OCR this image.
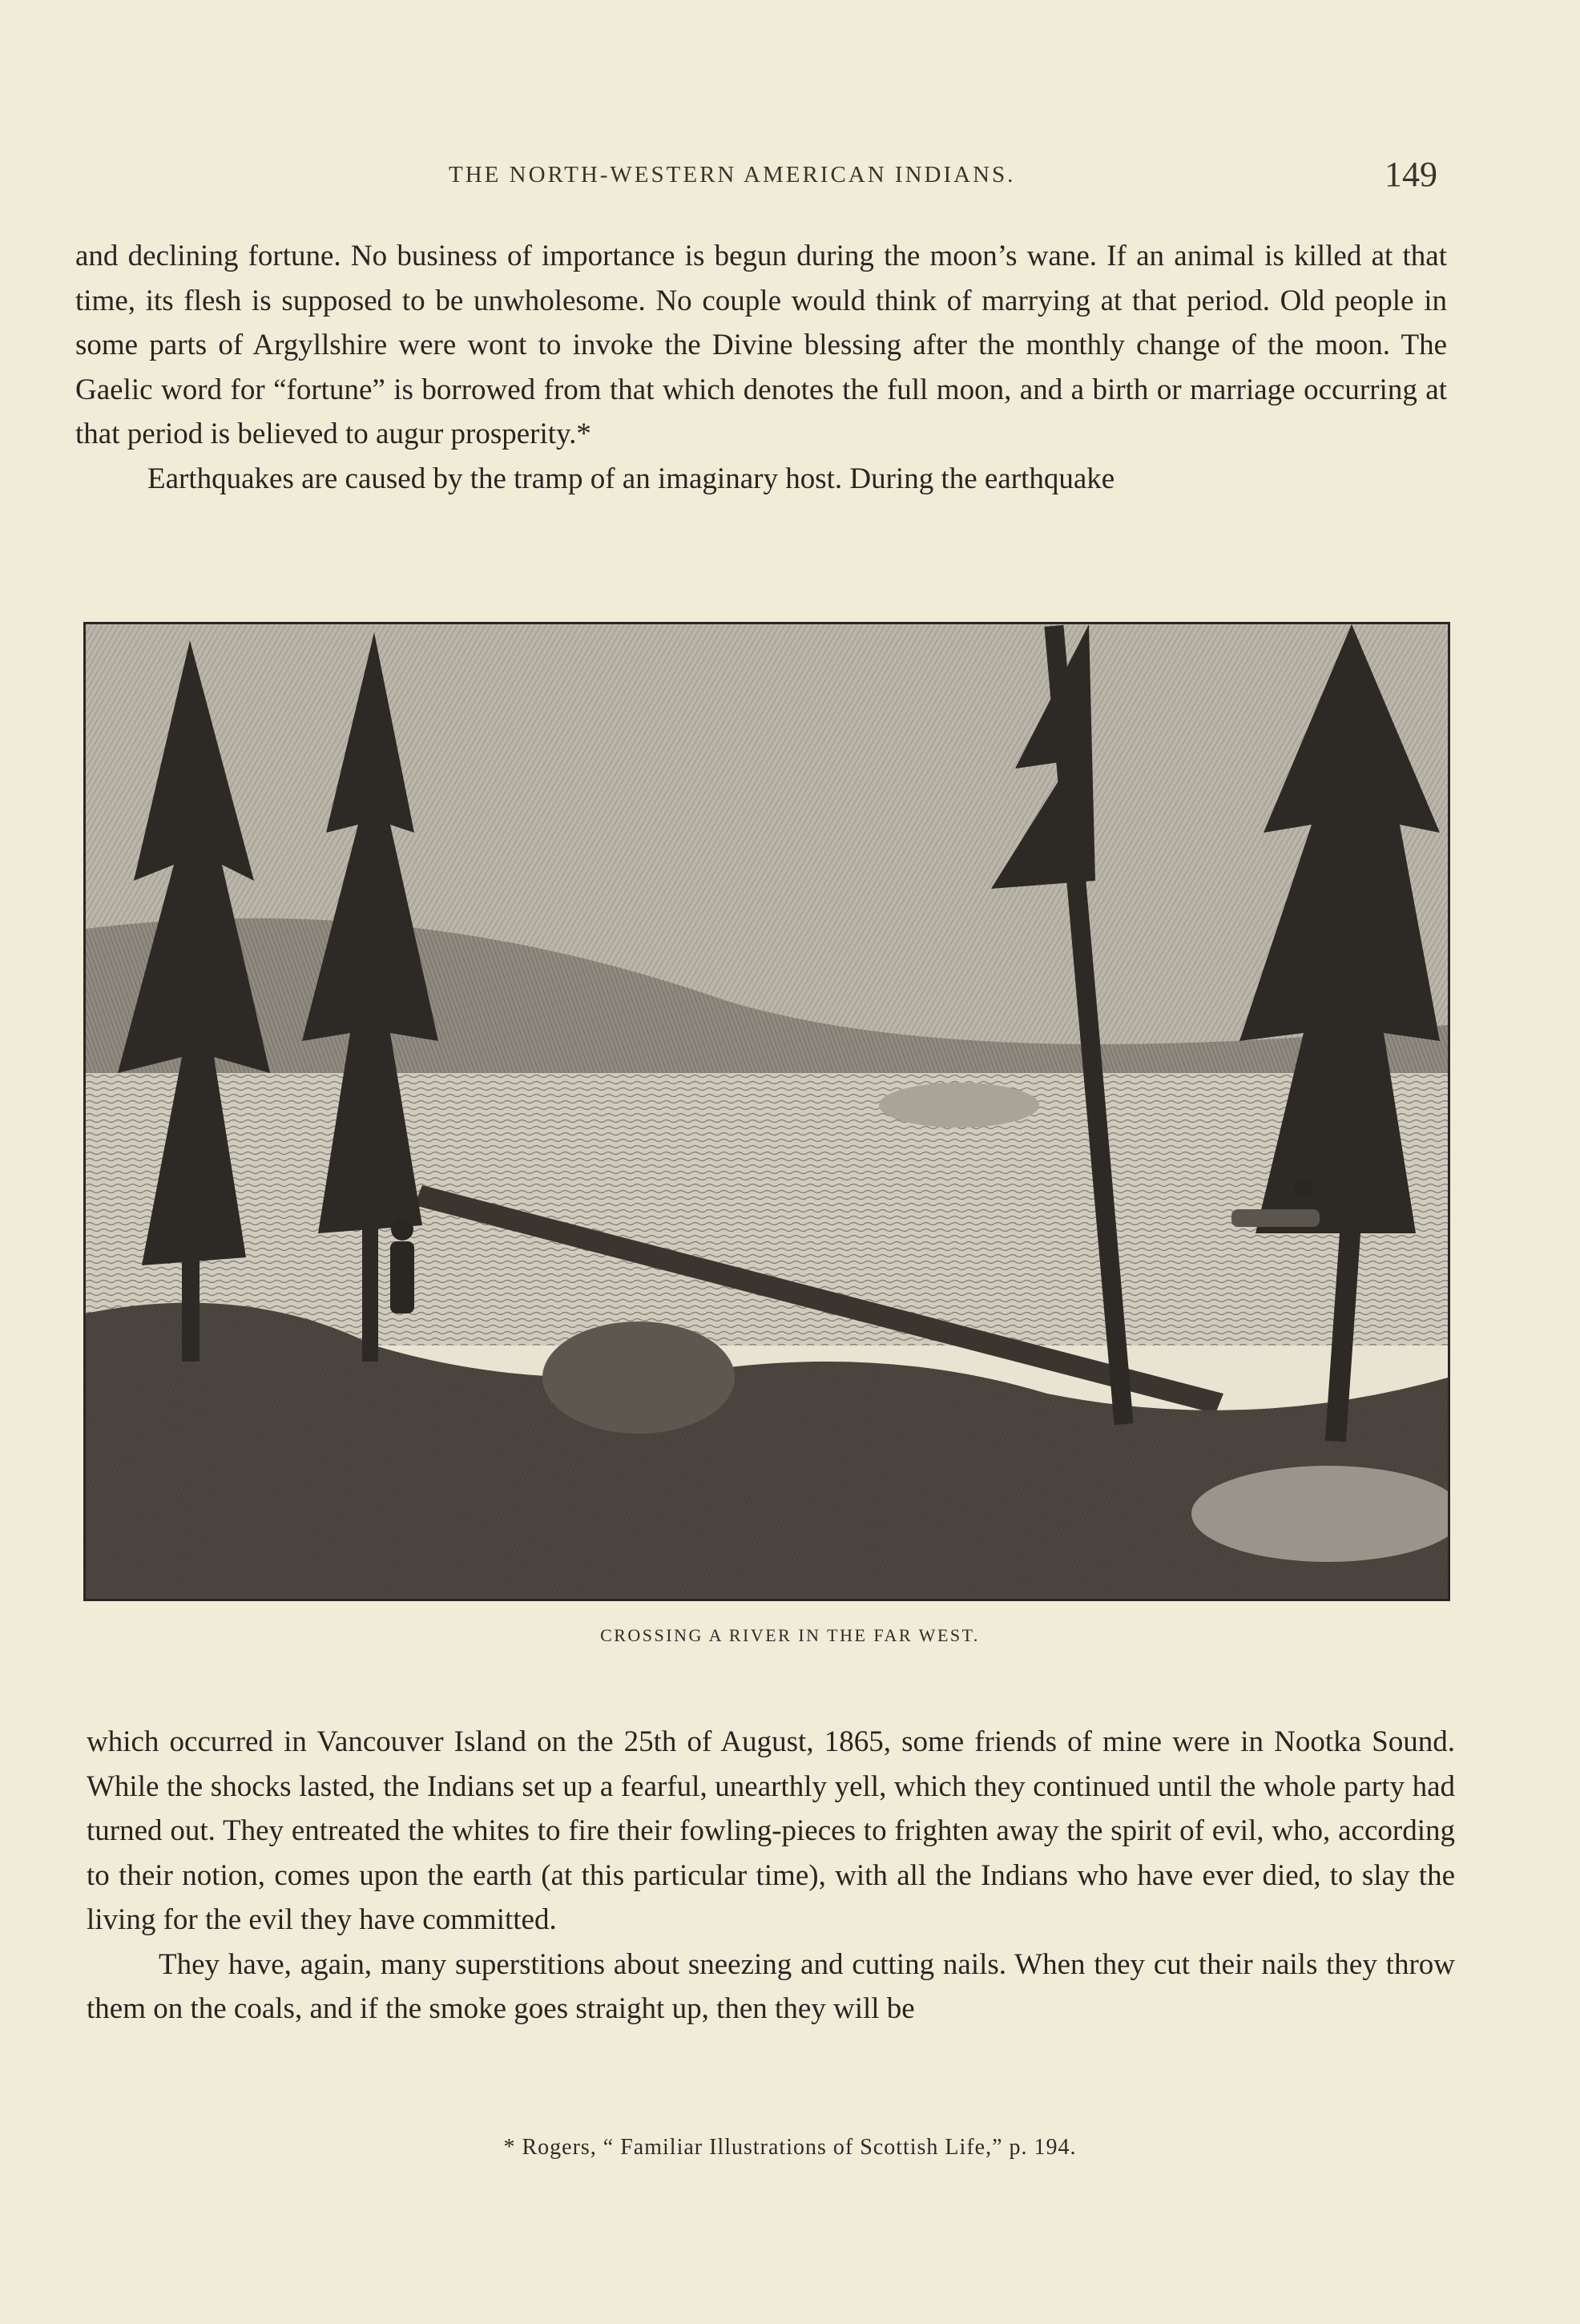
THE NORTH-WESTERN AMERICAN INDIANS.	149

and declining fortune. No business of importance is begun during the moon’s wane. If an animal is killed at that time, its flesh is supposed to be unwholesome. No couple would think of marrying at that period. Old people in some parts of Argyllshire were wont to invoke the Divine blessing after the monthly change of the moon. The Gaelic word for “fortune” is borrowed from that which denotes the full moon, and a birth or marriage occurring at that period is believed to augur prosperity.*

Earthquakes are caused by the tramp of an imaginary host. During the earthquake

CROSSING A RIVER IN THE FAR WEST.

which occurred in Vancouver Island on the 25th of August, 1865, some friends of mine were in Nootka Sound. While the shocks lasted, the Indians set up a fearful, unearthly yell, which they continued until the whole party had turned out. They entreated the whites to fire their fowling-pieces to frighten away the spirit of evil, who, according to their notion, comes upon the earth (at this particular time), with all the Indians who have ever died, to slay the living for the evil they have committed.

They have, again, many superstitions about sneezing and cutting nails. When they cut their nails they throw them on the coals, and if the smoke goes straight up, then they will be

* Rogers, “ Familiar Illustrations of Scottish Life,” p. 194.
